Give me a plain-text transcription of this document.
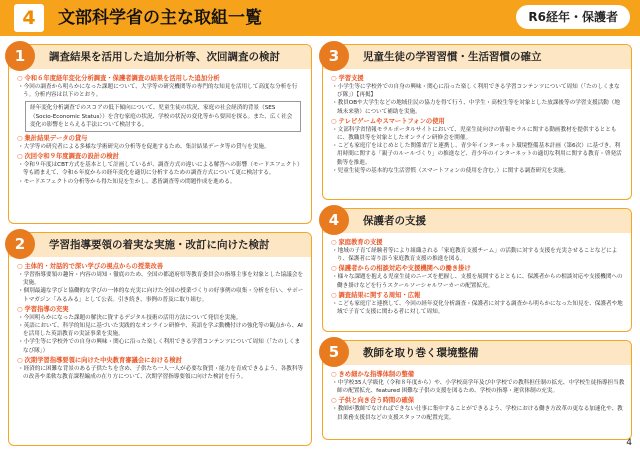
4	文部科学省の主な取組一覧	R6経年・保護者
1	調査結果を活用した追加分析等、次回調査の検討
○ 令和６年度経年変化分析調査・保護者調査の結果を活用した追加分析
・ 今回の調査から明らかになった課題について、大学等の研究機関等の専門的な知見を活用して高度な分析を行う。分析内容は以下のとおり。
経年変化分析調査でのスコアの低下傾向について、児童生徒の状況、家庭の社会経済的背景（SES（Socio-Economic Status））を含む家庭の状況、学校の状況の変化等から要因を探る。また、広く社会変化の影響をとらえる手法について検討する。
○ 集計結果データの貸与
・ 大学等の研究者による多様な学術研究の分析等を促進するため、集計結果データ等の貸与を実施。
○ 次回令和９年度調査の設計の検討
・ 令和９年度はCBT方式を基本として計画しているが、調査方式の違いによる解答への影響（モードエフェクト）等も踏まえて、令和６年度からの経年変化を適切に分析するための調査方式について更に検討する。
・ モードエフェクトの分析等から得た知見を生かし、悉皆調査等の問題作成を進める。
2	学習指導要領の着実な実施・改訂に向けた検討
○ 主体的・対話的で深い学びの視点からの授業改善
・ 学習指導要領の趣旨・内容の周知・徹底のため、全国の都道府県等教育委員会の指導主事を対象とした協議会を実施。
・ 個別最適な学びと協働的な学びの一体的な充実に向けた全国の授業づくりの好事例の収集・分析を行い、サポートマガジン「みるみる」として公表。引き続き、事例の普及に取り組む。
○ 学習指導の充実
・ 今回明らかになった課題の解決に資するデジタル技術の活用方法について発信を実施。
・ 英語において、科学的知見に基づいた実践的なオンライン研修や、英語を学ぶ動機付けの強化等の観点から、AIを活用した英語教育の実証事業を実施。
・ 小学生等に学校外での自身の興味・関心に沿った楽しく利用できる学習コンテンツについて周知（「たのしくまなび隊」）
○ 次期学習指導要領に向けた中央教育審議会における検討
・ 経済的に困難な背景のある子供たちを含め、子供たち一人一人が必要な資質・能力を育成できるよう、各教科等の改善や柔軟な教育課程編成の在り方について、次期学習指導要領に向けた検討を行う。
3	児童生徒の学習習慣・生活習慣の確立
○ 学習支援
・ 小学生等に学校外での自身の興味・関心に沿った楽しく利用できる学習コンテンツについて周知（「たのしくまなび隊」）【再掲】
・ 教員OBや大学生などの地域住民の協力を得て行う、中学生・高校生等を対象とした放課後等の学習支援活動（地域未来塾）について補助を実施。
○ テレビゲームやスマートフォンの使用
・ 文部科学省情報モラルポータルサイトにおいて、児童生徒向けの情報モラルに関する動画教材を提供するとともに、教職員等を対象としたオンライン研修会を開催。
・ こども家庭庁をはじめとした関係省庁と連携し、青少年インターネット環境整備基本計画（第6次）に基づき、利用時間に関する「親子のルールづくり」の推進など、青少年のインターネットの適切な利用に関する教育・啓発活動等を推進。
・ 児童生徒等の基本的な生活習慣（スマートフォンの使用を含む。）に関する調査研究を実施。
4	保護者の支援
○ 家庭教育の支援
・ 地域の子育て経験者等により組織される「家庭教育支援チーム」の活動に対する支援を充実させることなどにより、保護者に寄り添う家庭教育支援の推進を図る。
○ 保護者からの相談対応や支援機関への働き掛け
・ 様々な課題を抱える児童生徒のニーズを把握し、支援を展開するとともに、保護者からの相談対応や支援機関への働き掛けなどを行うスクールソーシャルワーカーの配置拡充。
○ 調査結果に関する周知・広報
・ こども家庭庁と連携して、今回の経年変化分析調査・保護者に対する調査から明らかになった知見を、保護者や地域で子育て支援に関わる者に対して周知。
5	教師を取り巻く環境整備
○ きめ細かな指導体制の整備
・ 中学校35人学級化（令和８年度から）や、小学校高学年及び中学校での教科担任制の拡充、中学校生徒指導担当教師の配置拡充、featured 困難な子供の支援を図るため、学校の指導・運営体制の充実。
○ 子供と向き合う時間の確保
・ 教師が教師でなければできない仕事に集中することができるよう、学校における働き方改革の更なる加速化や、教員業務支援員などの支援スタッフの配置充実。
4
